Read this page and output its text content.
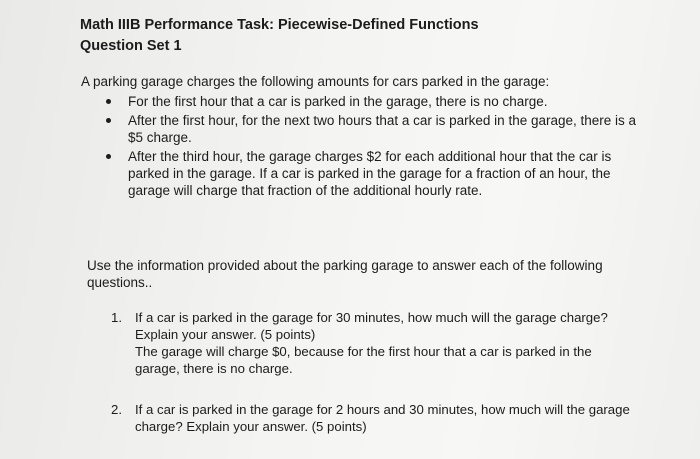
Math IIIB Performance Task: Piecewise-Defined Functions
Question Set 1
A parking garage charges the following amounts for cars parked in the garage:
For the first hour that a car is parked in the garage, there is no charge.
After the first hour, for the next two hours that a car is parked in the garage, there is a $5 charge.
After the third hour, the garage charges $2 for each additional hour that the car is parked in the garage. If a car is parked in the garage for a fraction of an hour, the garage will charge that fraction of the additional hourly rate.
Use the information provided about the parking garage to answer each of the following questions..
1. If a car is parked in the garage for 30 minutes, how much will the garage charge? Explain your answer. (5 points)
The garage will charge $0, because for the first hour that a car is parked in the garage, there is no charge.
2. If a car is parked in the garage for 2 hours and 30 minutes, how much will the garage charge? Explain your answer. (5 points)
